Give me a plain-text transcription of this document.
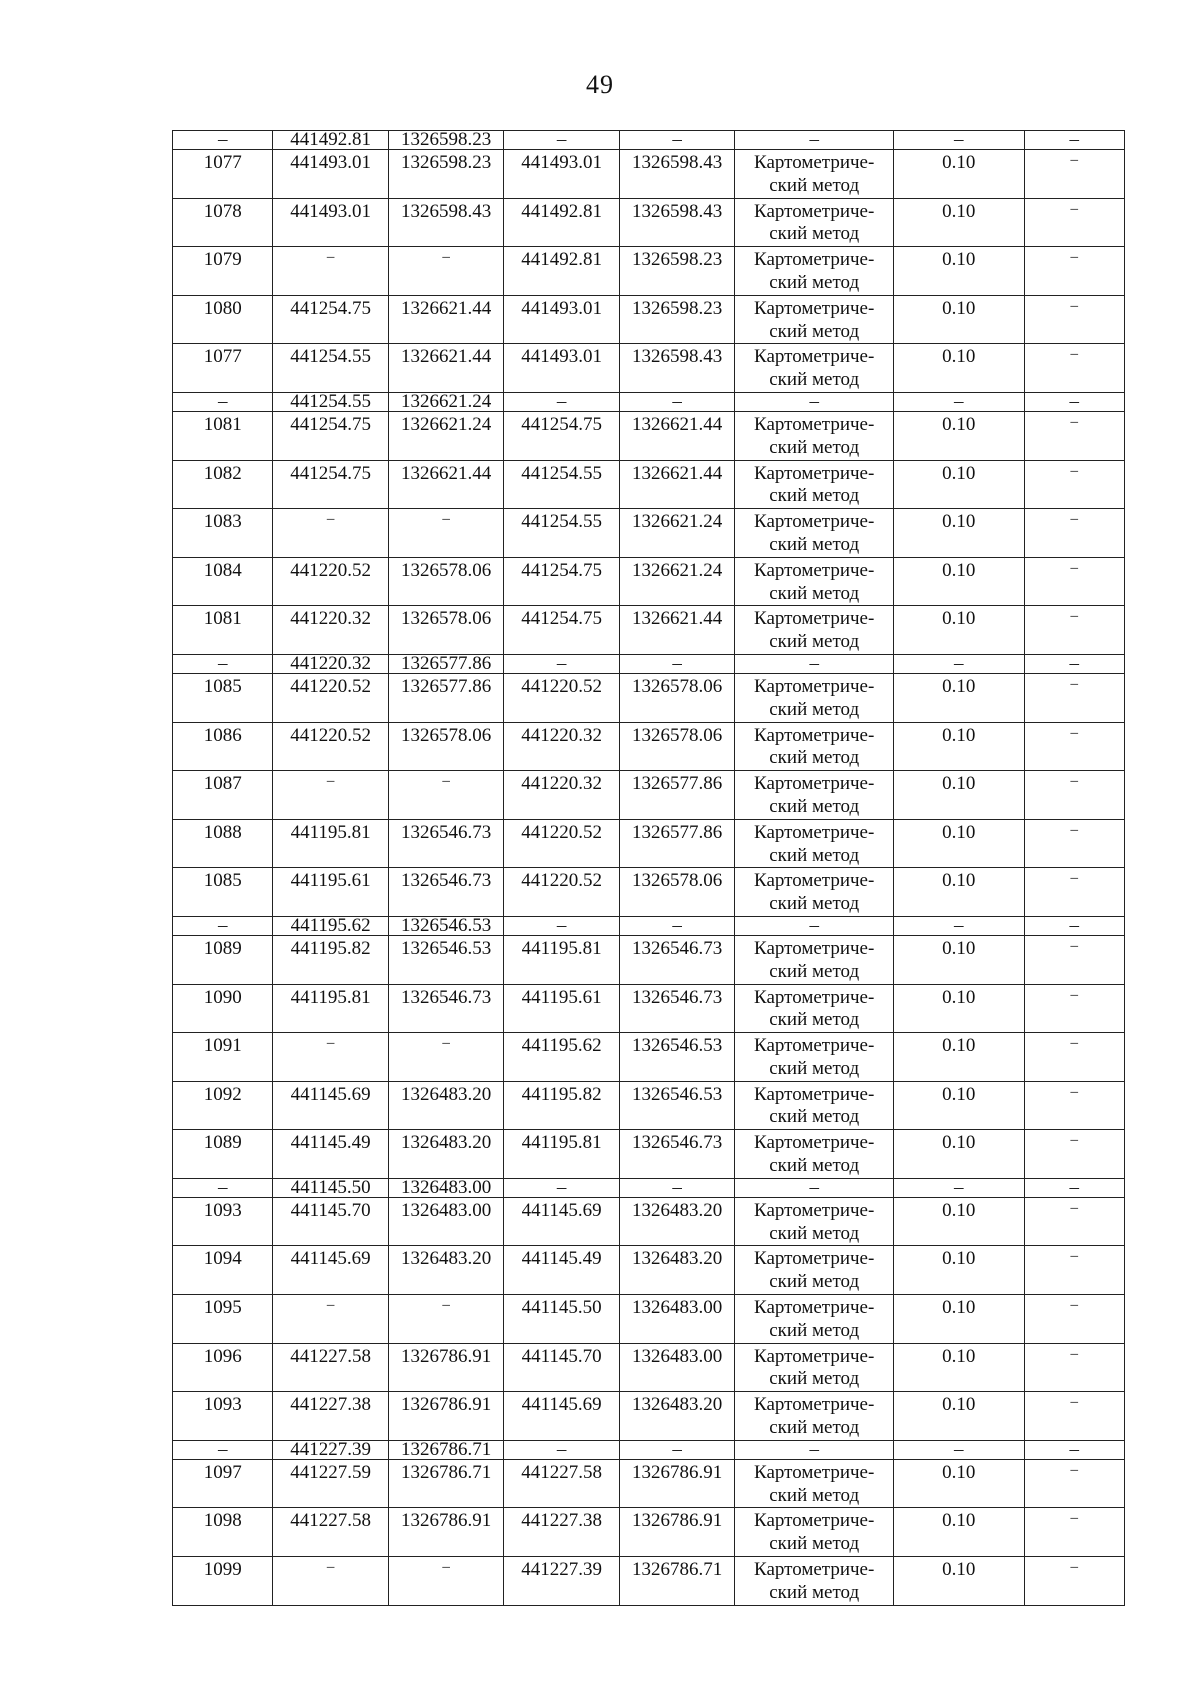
49
–	441492.81	1326598.23	–	–	–	–	–
1077	441493.01	1326598.23	441493.01	1326598.43	Картометриче-
ский метод	0.10	–
1078	441493.01	1326598.43	441492.81	1326598.43	Картометриче-
ский метод	0.10	–
1079	–	–	441492.81	1326598.23	Картометриче-
ский метод	0.10	–
1080	441254.75	1326621.44	441493.01	1326598.23	Картометриче-
ский метод	0.10	–
1077	441254.55	1326621.44	441493.01	1326598.43	Картометриче-
ский метод	0.10	–
–	441254.55	1326621.24	–	–	–	–	–
1081	441254.75	1326621.24	441254.75	1326621.44	Картометриче-
ский метод	0.10	–
1082	441254.75	1326621.44	441254.55	1326621.44	Картометриче-
ский метод	0.10	–
1083	–	–	441254.55	1326621.24	Картометриче-
ский метод	0.10	–
1084	441220.52	1326578.06	441254.75	1326621.24	Картометриче-
ский метод	0.10	–
1081	441220.32	1326578.06	441254.75	1326621.44	Картометриче-
ский метод	0.10	–
–	441220.32	1326577.86	–	–	–	–	–
1085	441220.52	1326577.86	441220.52	1326578.06	Картометриче-
ский метод	0.10	–
1086	441220.52	1326578.06	441220.32	1326578.06	Картометриче-
ский метод	0.10	–
1087	–	–	441220.32	1326577.86	Картометриче-
ский метод	0.10	–
1088	441195.81	1326546.73	441220.52	1326577.86	Картометриче-
ский метод	0.10	–
1085	441195.61	1326546.73	441220.52	1326578.06	Картометриче-
ский метод	0.10	–
–	441195.62	1326546.53	–	–	–	–	–
1089	441195.82	1326546.53	441195.81	1326546.73	Картометриче-
ский метод	0.10	–
1090	441195.81	1326546.73	441195.61	1326546.73	Картометриче-
ский метод	0.10	–
1091	–	–	441195.62	1326546.53	Картометриче-
ский метод	0.10	–
1092	441145.69	1326483.20	441195.82	1326546.53	Картометриче-
ский метод	0.10	–
1089	441145.49	1326483.20	441195.81	1326546.73	Картометриче-
ский метод	0.10	–
–	441145.50	1326483.00	–	–	–	–	–
1093	441145.70	1326483.00	441145.69	1326483.20	Картометриче-
ский метод	0.10	–
1094	441145.69	1326483.20	441145.49	1326483.20	Картометриче-
ский метод	0.10	–
1095	–	–	441145.50	1326483.00	Картометриче-
ский метод	0.10	–
1096	441227.58	1326786.91	441145.70	1326483.00	Картометриче-
ский метод	0.10	–
1093	441227.38	1326786.91	441145.69	1326483.20	Картометриче-
ский метод	0.10	–
–	441227.39	1326786.71	–	–	–	–	–
1097	441227.59	1326786.71	441227.58	1326786.91	Картометриче-
ский метод	0.10	–
1098	441227.58	1326786.91	441227.38	1326786.91	Картометриче-
ский метод	0.10	–
1099	–	–	441227.39	1326786.71	Картометриче-
ский метод	0.10	–
